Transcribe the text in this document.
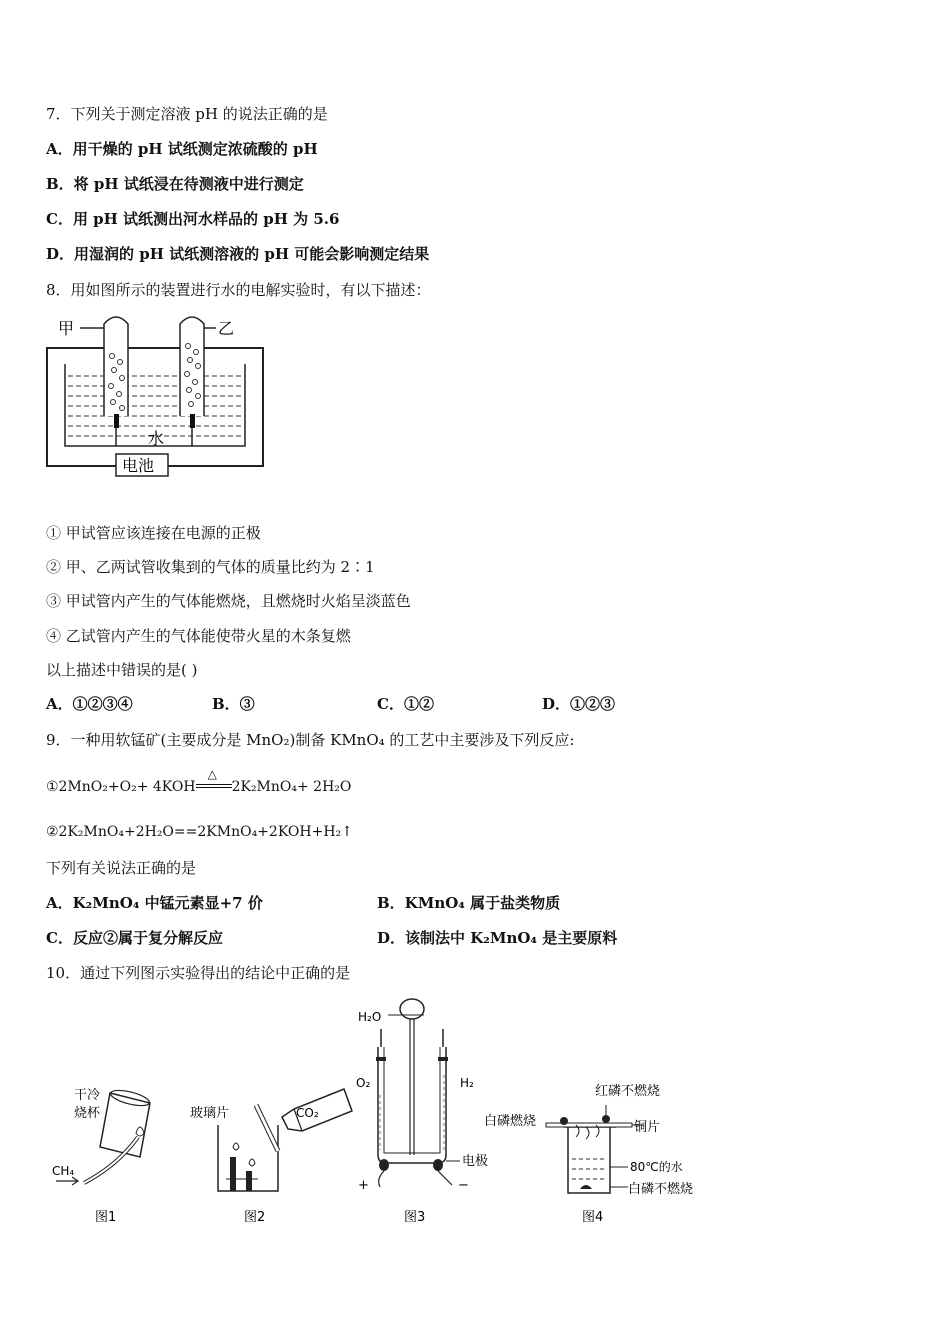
7．下列关于测定溶液 pH 的说法正确的是
A．用干燥的 pH 试纸测定浓硫酸的 pH
B．将 pH 试纸浸在待测液中进行测定
C．用 pH 试纸测出河水样品的 pH 为 5.6
D．用湿润的 pH 试纸测溶液的 pH 可能会影响测定结果
8．用如图所示的装置进行水的电解实验时，有以下描述：
甲	乙
水
电池
① 甲试管应该连接在电源的正极
② 甲、乙两试管收集到的气体的质量比约为 2∶1
③ 甲试管内产生的气体能燃烧，且燃烧时火焰呈淡蓝色
④ 乙试管内产生的气体能使带火星的木条复燃
以上描述中错误的是( )
A．①②③④	B．③	C．①②	D．①②③
9．一种用软锰矿(主要成分是 MnO₂)制备 KMnO₄ 的工艺中主要涉及下列反应:
①2MnO₂+O₂+ 4KOH
△
2K₂MnO₄+ 2H₂O
②2K₂MnO₄+2H₂O==2KMnO₄+2KOH+H₂↑
下列有关说法正确的是
A．K₂MnO₄ 中锰元素显+7 价	B．KMnO₄ 属于盐类物质
C．反应②属于复分解反应	D．该制法中 K₂MnO₄ 是主要原料
10．通过下列图示实验得出的结论中正确的是
干冷
烧杯
CH₄
图1
玻璃片	CO₂
图2
H₂O
O₂	H₂
电极
+	−
图3
红磷不燃烧
白磷燃烧	铜片
80℃的水
白磷不燃烧
图4
